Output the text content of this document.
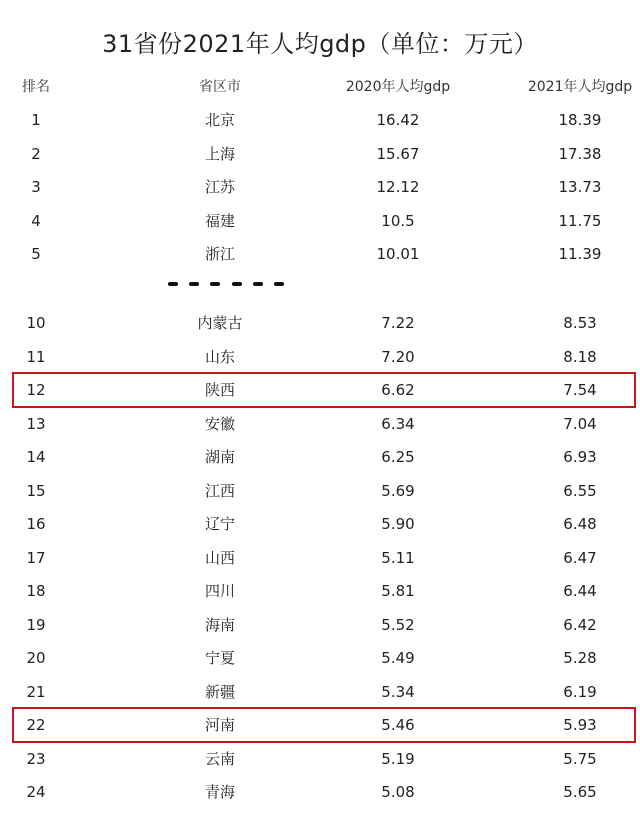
31省份2021年人均gdp（单位：万元）
排名	省区市	2020年人均gdp	2021年人均gdp
1	北京	16.42	18.39
2	上海	15.67	17.38
3	江苏	12.12	13.73
4	福建	10.5	11.75
5	浙江	10.01	11.39
10	内蒙古	7.22	8.53
11	山东	7.20	8.18
12	陕西	6.62	7.54
13	安徽	6.34	7.04
14	湖南	6.25	6.93
15	江西	5.69	6.55
16	辽宁	5.90	6.48
17	山西	5.11	6.47
18	四川	5.81	6.44
19	海南	5.52	6.42
20	宁夏	5.49	5.28
21	新疆	5.34	6.19
22	河南	5.46	5.93
23	云南	5.19	5.75
24	青海	5.08	5.65
